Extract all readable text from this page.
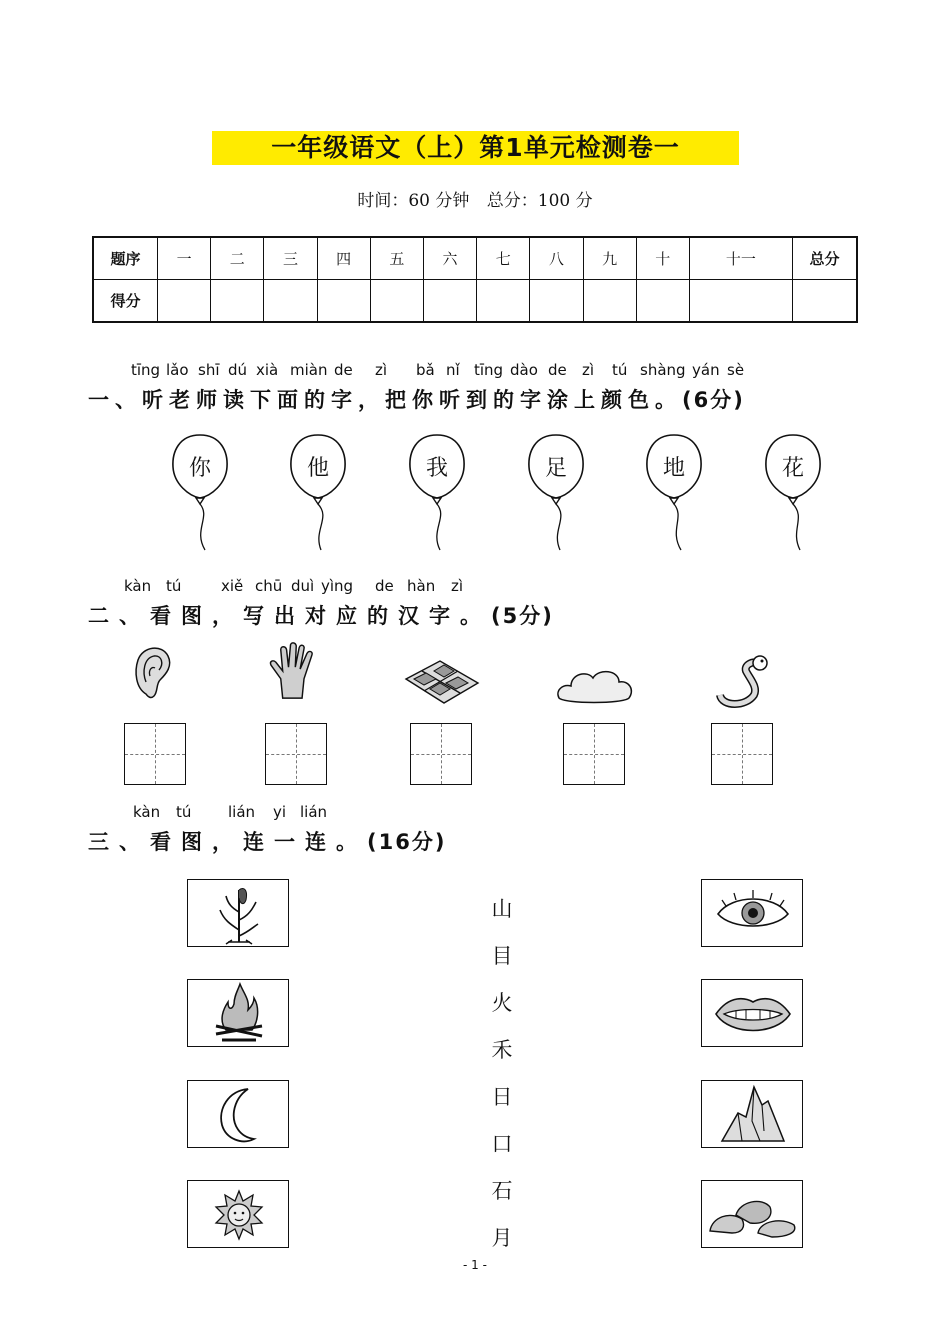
一年级语文（上）第1单元检测卷一
时间：60 分钟 总分：100 分
题序	一	二	三	四	五	六	七	八	九	十	十一	总分
得分												
tīng lǎo shī dú xià miàn de zì bǎ nǐ tīng dào de zì tú shàng yán sè
一、听老师读下面的字，把你听到的字涂上颜色。(6分)
你	他	我	足	地	花
kàn tú	xiě chū duì yìng de hàn zì
二、看图，写出对应的汉字。(5分)
kàn tú lián yi lián
三、看图，连一连。(16分)
山
目
火
禾
日
口
石
月
- 1 -
